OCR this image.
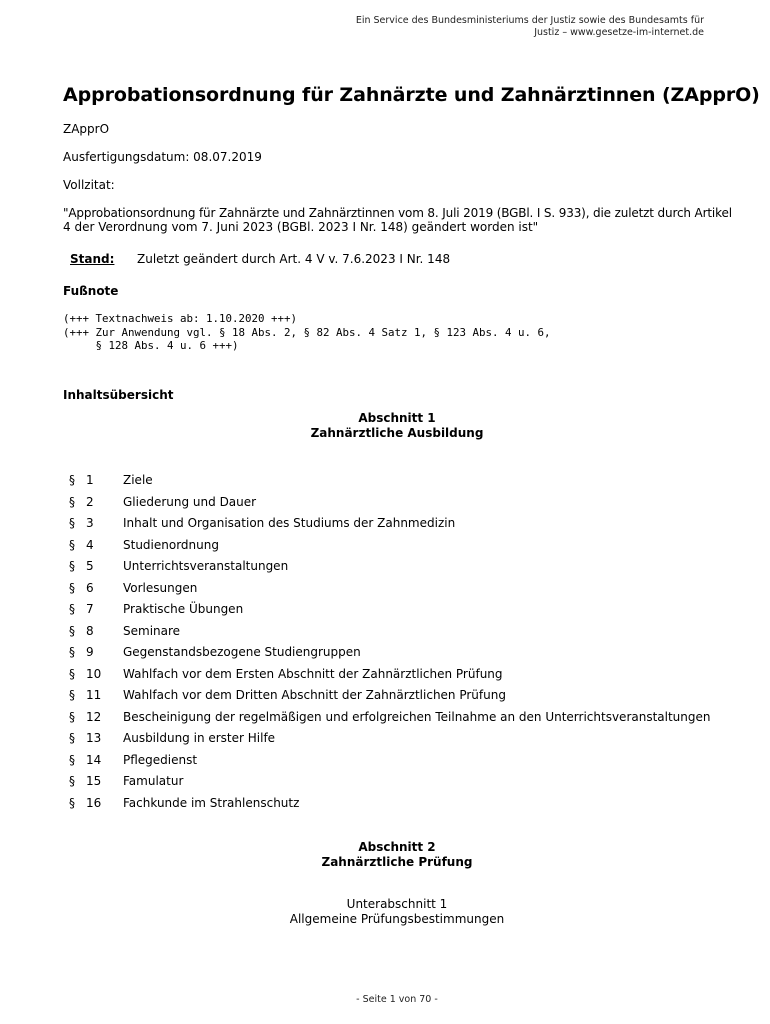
Ein Service des Bundesministeriums der Justiz sowie des Bundesamts für
Justiz – www.gesetze-im-internet.de
Approbationsordnung für Zahnärzte und Zahnärztinnen (ZApprO)

ZApprO

Ausfertigungsdatum: 08.07.2019

Vollzitat:

"Approbationsordnung für Zahnärzte und Zahnärztinnen vom 8. Juli 2019 (BGBl. I S. 933), die zuletzt durch Artikel
4 der Verordnung vom 7. Juni 2023 (BGBl. 2023 I Nr. 148) geändert worden ist"
Stand: Zuletzt geändert durch Art. 4 V v. 7.6.2023 I Nr. 148

Fußnote

(+++ Textnachweis ab: 1.10.2020 +++)
(+++ Zur Anwendung vgl. § 18 Abs. 2, § 82 Abs. 4 Satz 1, § 123 Abs. 4 u. 6,
§ 128 Abs. 4 u. 6 +++)

Inhaltsübersicht

Abschnitt 1
Zahnärztliche Ausbildung
§ 1 Ziele
§ 2 Gliederung und Dauer
§ 3 Inhalt und Organisation des Studiums der Zahnmedizin
§ 4 Studienordnung
§ 5 Unterrichtsveranstaltungen
§ 6 Vorlesungen
§ 7 Praktische Übungen
§ 8 Seminare
§ 9 Gegenstandsbezogene Studiengruppen
§ 10 Wahlfach vor dem Ersten Abschnitt der Zahnärztlichen Prüfung
§ 11 Wahlfach vor dem Dritten Abschnitt der Zahnärztlichen Prüfung
§ 12 Bescheinigung der regelmäßigen und erfolgreichen Teilnahme an den Unterrichtsveranstaltungen
§ 13 Ausbildung in erster Hilfe
§ 14 Pflegedienst
§ 15 Famulatur
§ 16 Fachkunde im Strahlenschutz
Abschnitt 2
Zahnärztliche Prüfung
Unterabschnitt 1
Allgemeine Prüfungsbestimmungen
- Seite 1 von 70 -
